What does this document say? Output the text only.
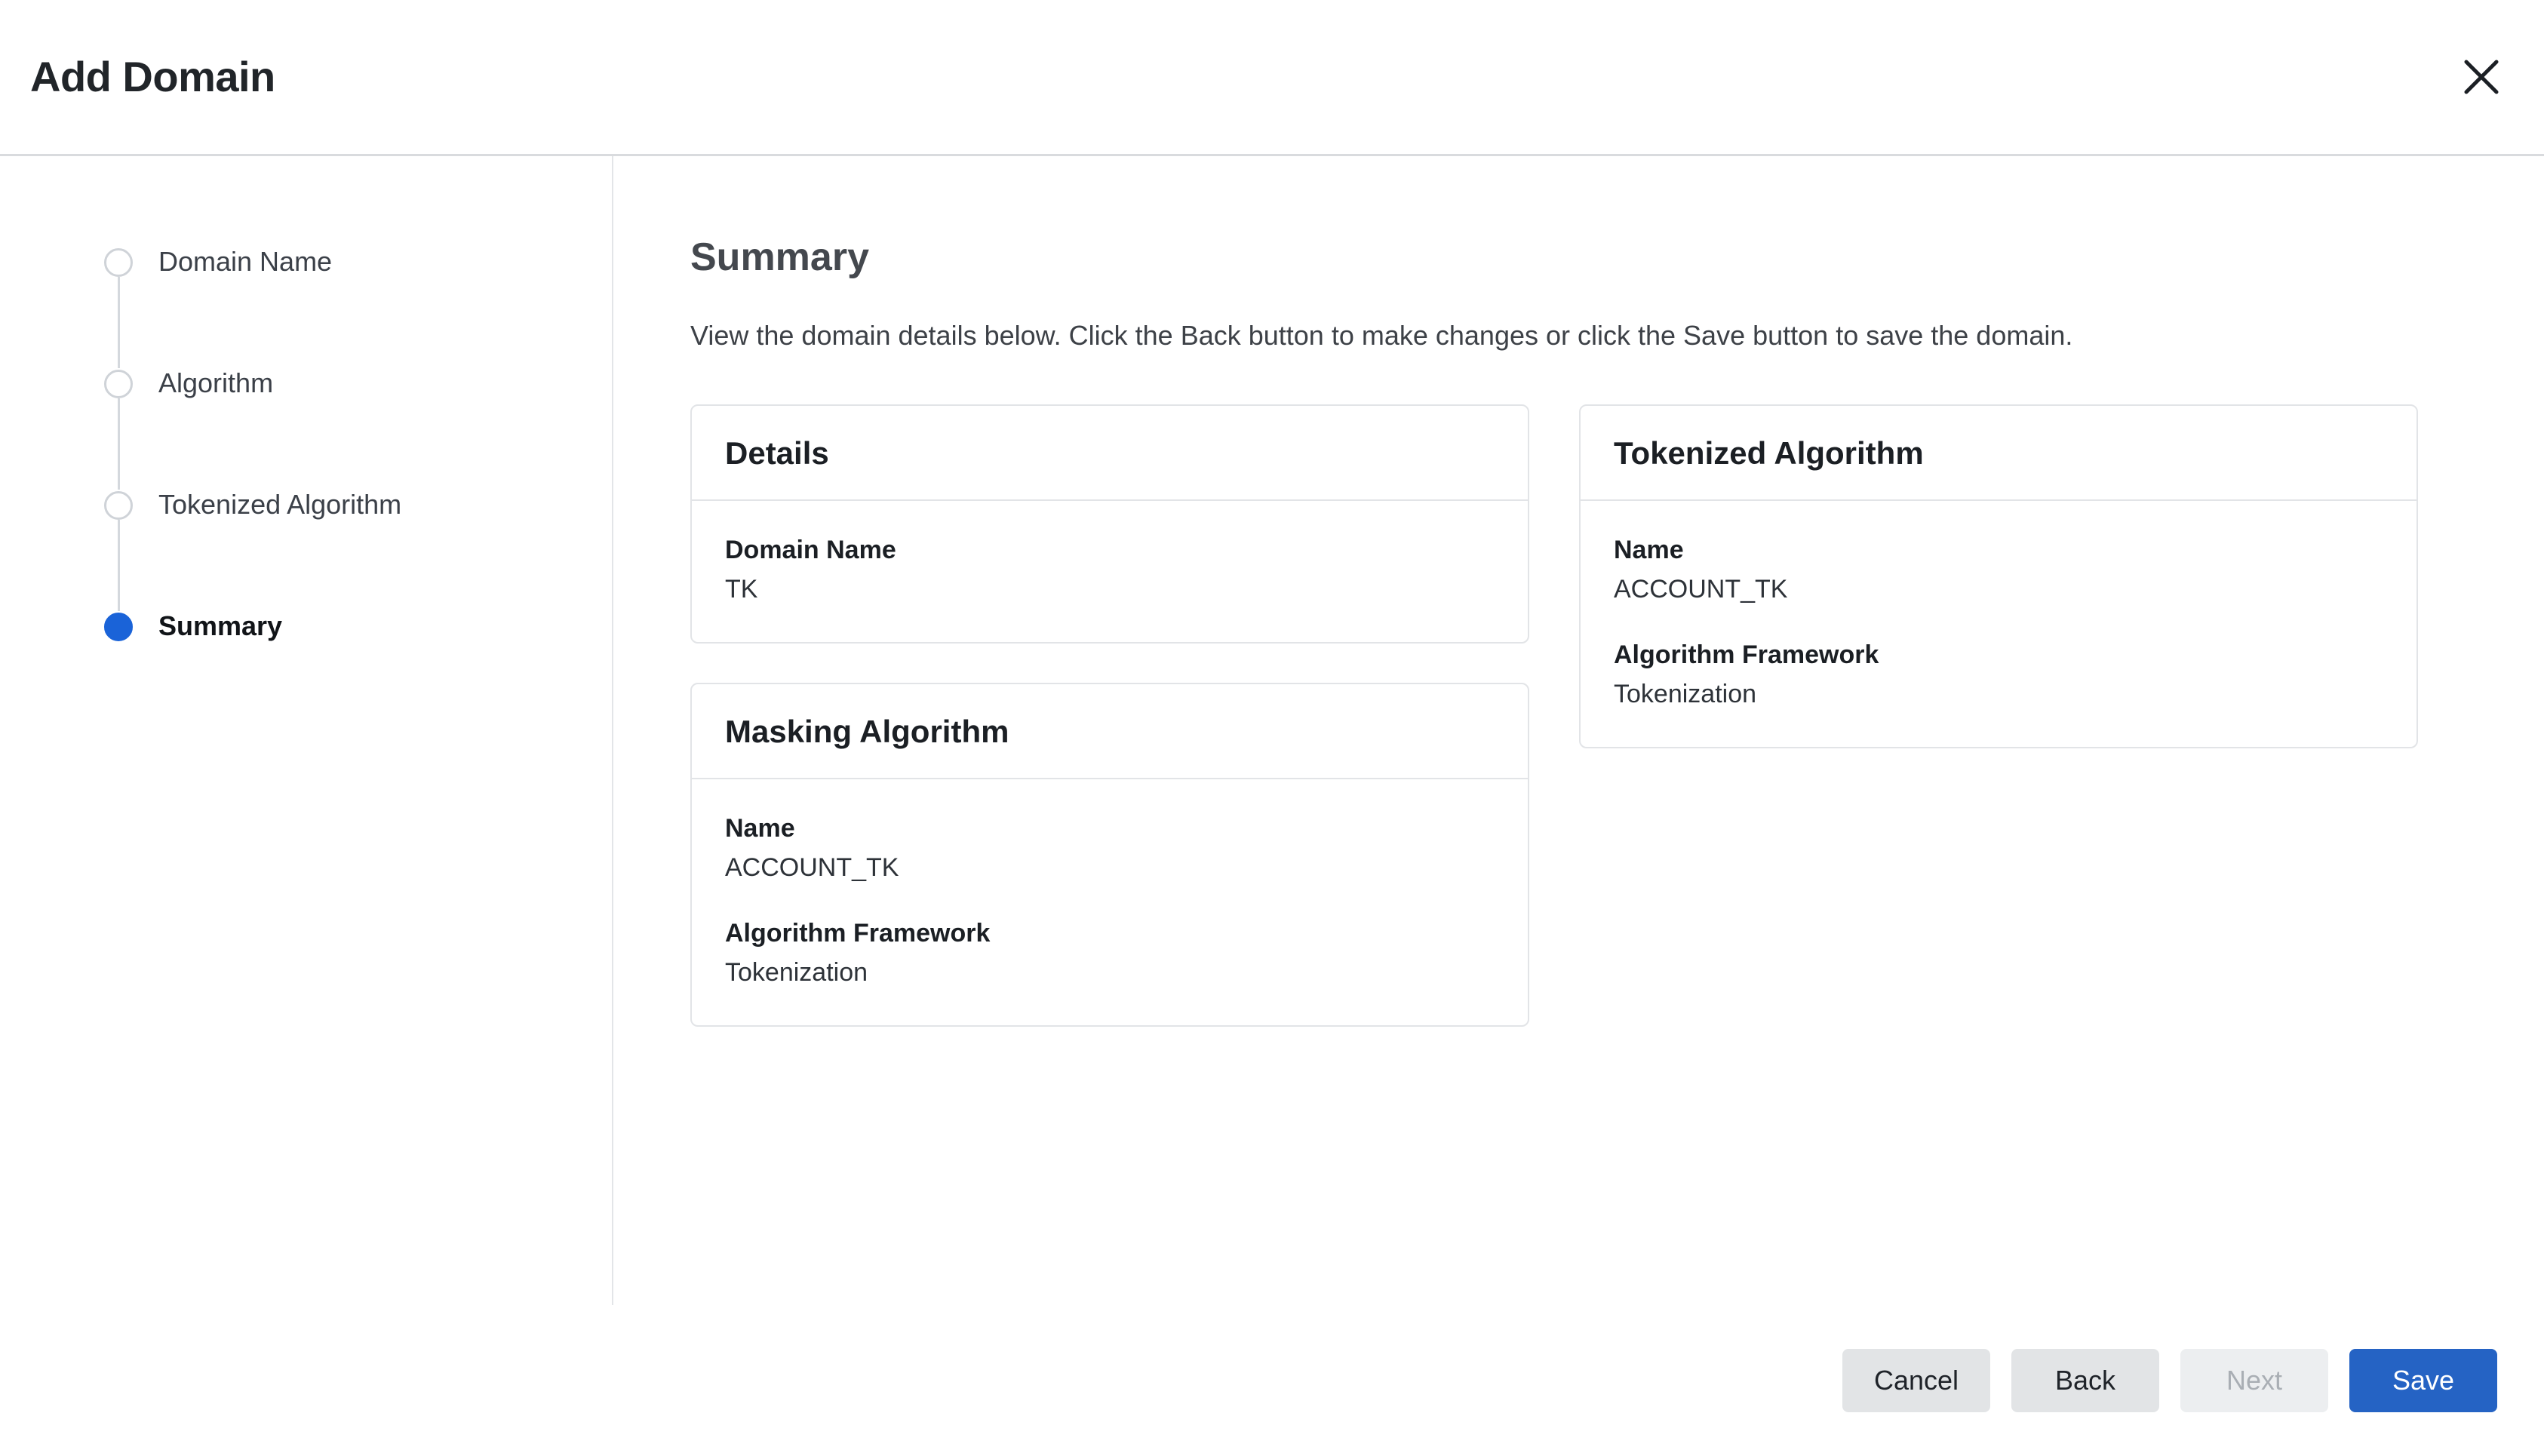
Add Domain
Domain Name
Algorithm
Tokenized Algorithm
Summary
Summary

View the domain details below. Click the Back button to make changes or click the Save button to save the domain.

Details
Domain Name
TK
Masking Algorithm
Name
ACCOUNT_TK
Algorithm Framework
Tokenization
Tokenized Algorithm
Name
ACCOUNT_TK
Algorithm Framework
Tokenization
Cancel	Back	Next	Save
